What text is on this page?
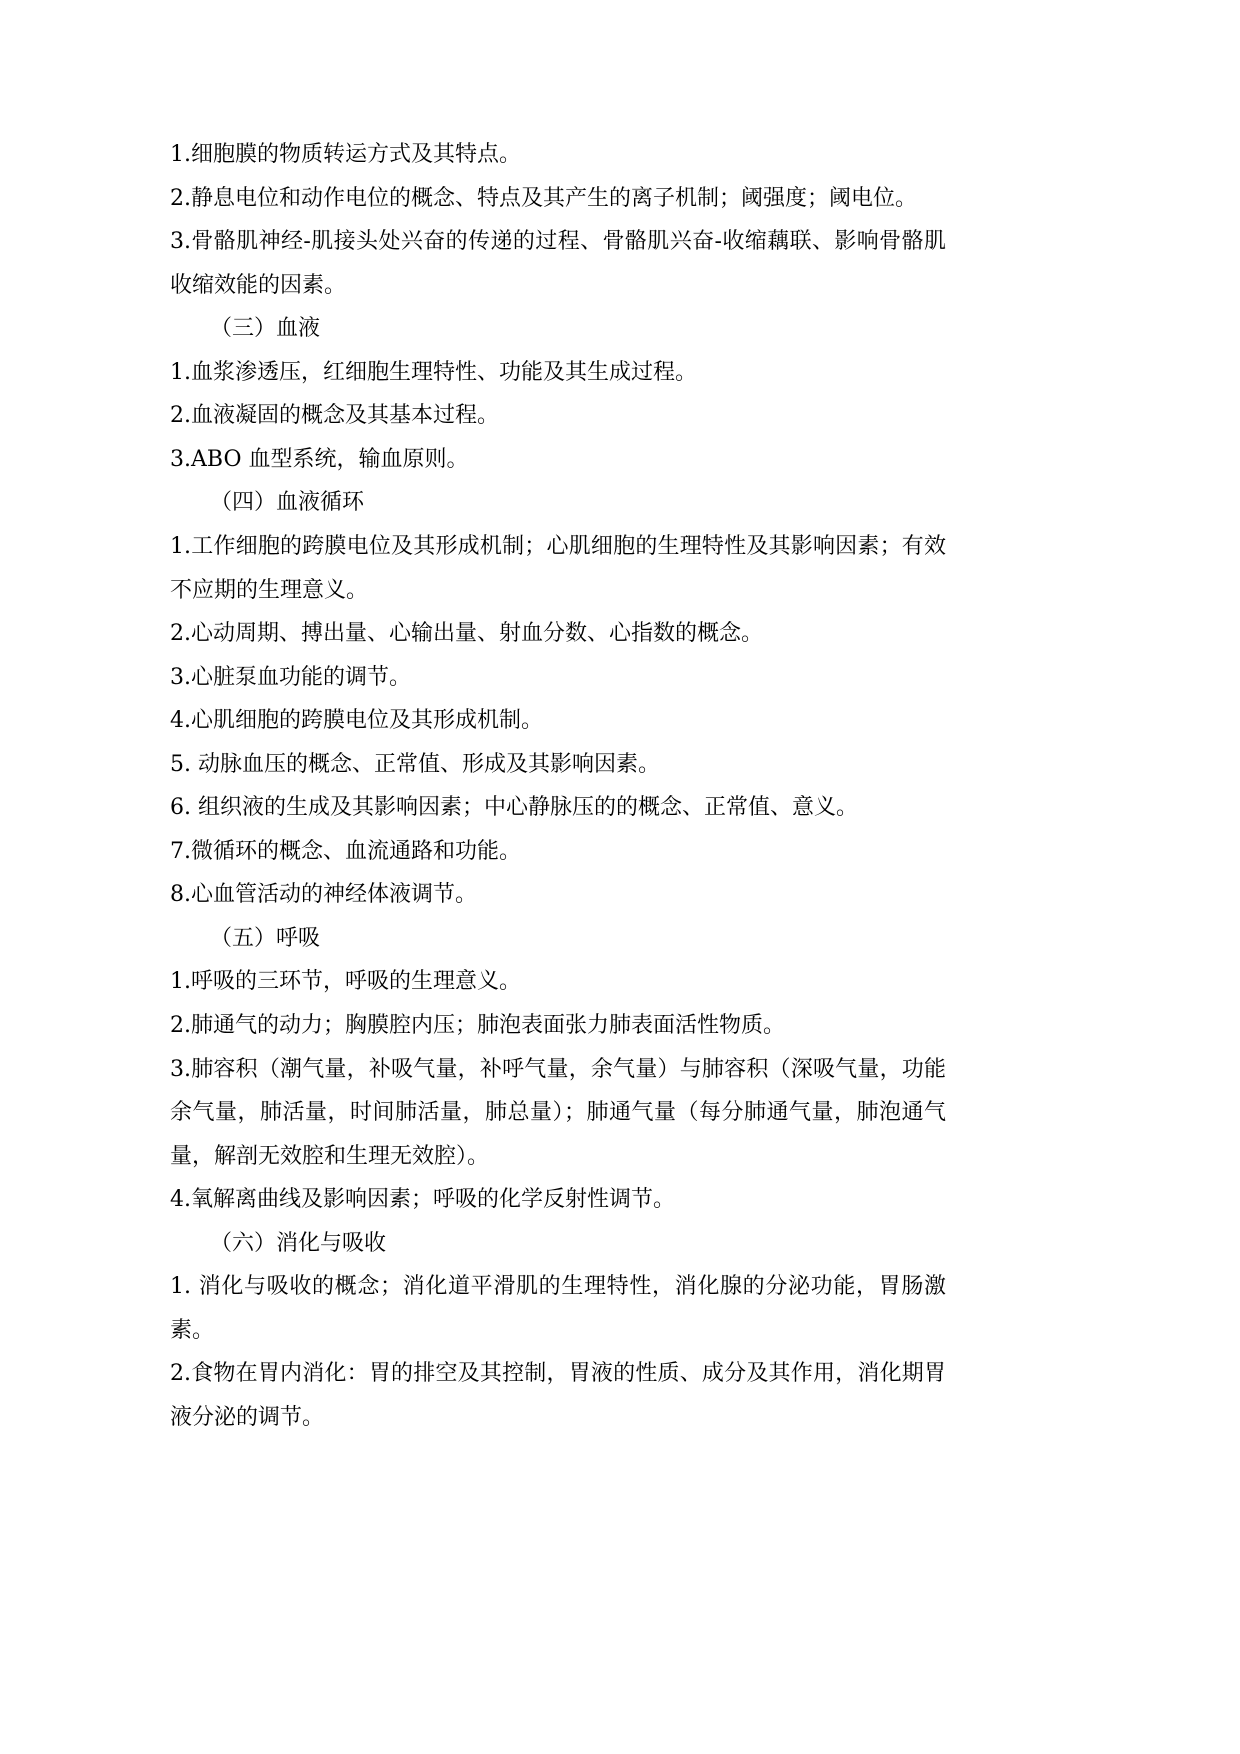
1.细胞膜的物质转运方式及其特点。
2.静息电位和动作电位的概念、特点及其产生的离子机制；阈强度；阈电位。
3.骨骼肌神经-肌接头处兴奋的传递的过程、骨骼肌兴奋-收缩藕联、影响骨骼肌
收缩效能的因素。
（三）血液
1.血浆渗透压，红细胞生理特性、功能及其生成过程。
2.血液凝固的概念及其基本过程。
3.ABO 血型系统，输血原则。
（四）血液循环
1.工作细胞的跨膜电位及其形成机制；心肌细胞的生理特性及其影响因素；有效
不应期的生理意义。
2.心动周期、搏出量、心输出量、射血分数、心指数的概念。
3.心脏泵血功能的调节。
4.心肌细胞的跨膜电位及其形成机制。
5. 动脉血压的概念、正常值、形成及其影响因素。
6. 组织液的生成及其影响因素；中心静脉压的的概念、正常值、意义。
7.微循环的概念、血流通路和功能。
8.心血管活动的神经体液调节。
（五）呼吸
1.呼吸的三环节，呼吸的生理意义。
2.肺通气的动力；胸膜腔内压；肺泡表面张力肺表面活性物质。
3.肺容积（潮气量，补吸气量，补呼气量，余气量）与肺容积（深吸气量，功能
余气量，肺活量，时间肺活量，肺总量）；肺通气量（每分肺通气量，肺泡通气
量，解剖无效腔和生理无效腔）。
4.氧解离曲线及影响因素；呼吸的化学反射性调节。
（六）消化与吸收
1. 消化与吸收的概念；消化道平滑肌的生理特性，消化腺的分泌功能，胃肠激
素。
2.食物在胃内消化：胃的排空及其控制，胃液的性质、成分及其作用，消化期胃
液分泌的调节。
